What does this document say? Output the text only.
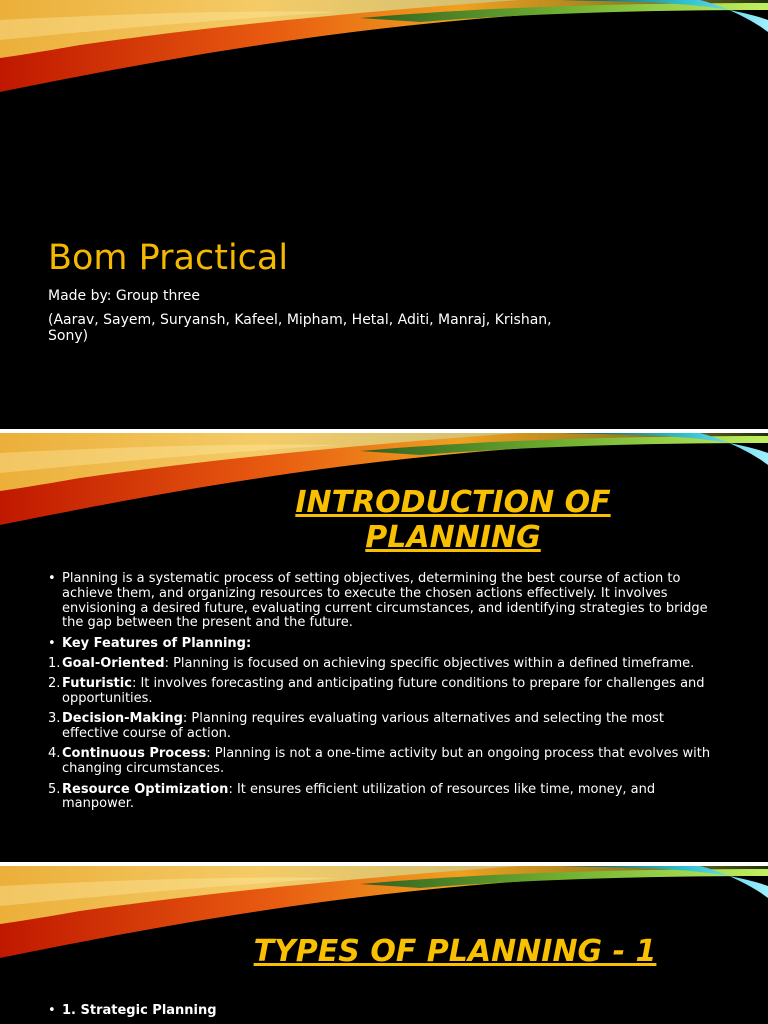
Bom Practical

Made by: Group three

(Aarav, Sayem, Suryansh, Kafeel, Mipham, Hetal, Aditi, Manraj, Krishan, Sony)

INTRODUCTION OF PLANNING
• Planning is a systematic process of setting objectives, determining the best course of action to achieve them, and organizing resources to execute the chosen actions effectively. It involves envisioning a desired future, evaluating current circumstances, and identifying strategies to bridge the gap between the present and the future.
• Key Features of Planning:
1. Goal-Oriented: Planning is focused on achieving specific objectives within a defined timeframe.
2. Futuristic: It involves forecasting and anticipating future conditions to prepare for challenges and opportunities.
3. Decision-Making: Planning requires evaluating various alternatives and selecting the most effective course of action.
4. Continuous Process: Planning is not a one-time activity but an ongoing process that evolves with changing circumstances.
5. Resource Optimization: It ensures efficient utilization of resources like time, money, and manpower.
TYPES OF PLANNING - 1
• 1. Strategic Planning
